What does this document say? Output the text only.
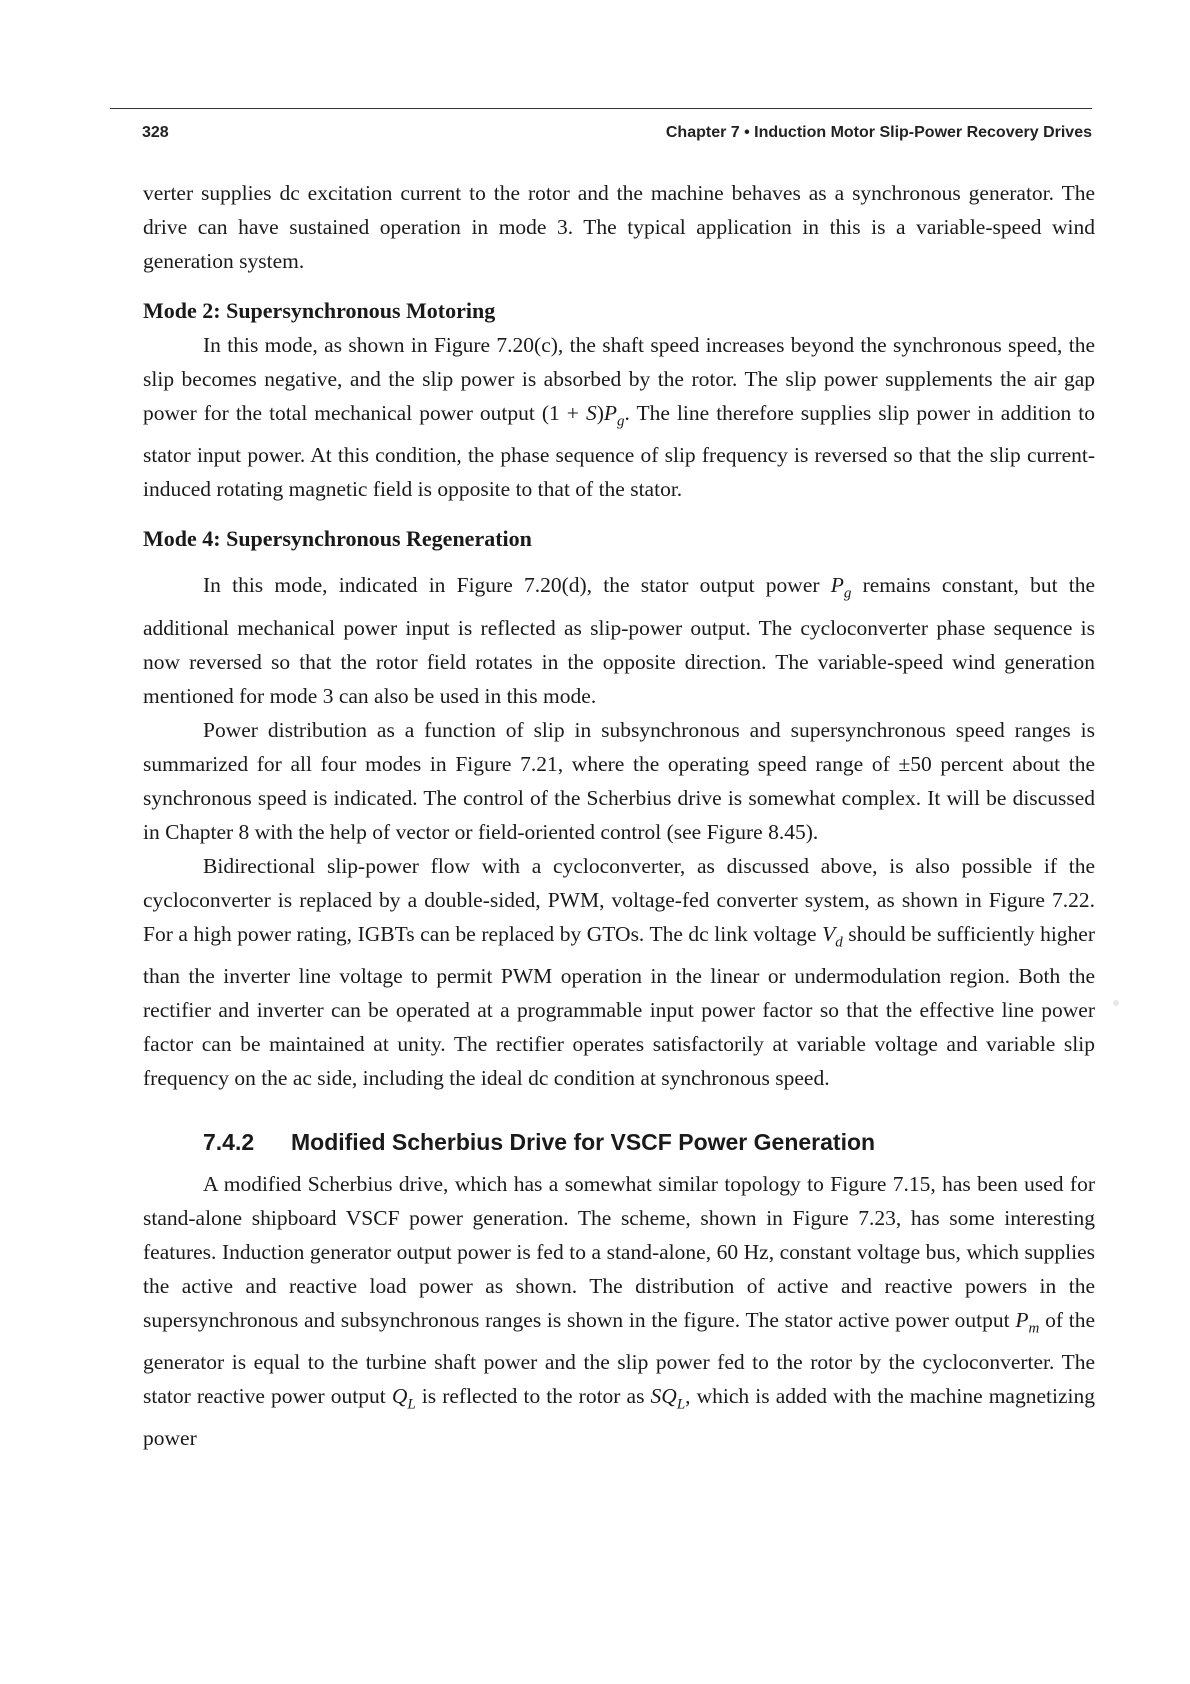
328	Chapter 7 • Induction Motor Slip-Power Recovery Drives

verter supplies dc excitation current to the rotor and the machine behaves as a synchronous generator. The drive can have sustained operation in mode 3. The typical application in this is a variable-speed wind generation system.

Mode 2: Supersynchronous Motoring

In this mode, as shown in Figure 7.20(c), the shaft speed increases beyond the synchronous speed, the slip becomes negative, and the slip power is absorbed by the rotor. The slip power supplements the air gap power for the total mechanical power output $(1 + S)P_g$. The line therefore supplies slip power in addition to stator input power. At this condition, the phase sequence of slip frequency is reversed so that the slip current-induced rotating magnetic field is opposite to that of the stator.

Mode 4: Supersynchronous Regeneration

In this mode, indicated in Figure 7.20(d), the stator output power $P_g$ remains constant, but the additional mechanical power input is reflected as slip-power output. The cycloconverter phase sequence is now reversed so that the rotor field rotates in the opposite direction. The variable-speed wind generation mentioned for mode 3 can also be used in this mode.

Power distribution as a function of slip in subsynchronous and supersynchronous speed ranges is summarized for all four modes in Figure 7.21, where the operating speed range of ±50 percent about the synchronous speed is indicated. The control of the Scherbius drive is somewhat complex. It will be discussed in Chapter 8 with the help of vector or field-oriented control (see Figure 8.45).

Bidirectional slip-power flow with a cycloconverter, as discussed above, is also possible if the cycloconverter is replaced by a double-sided, PWM, voltage-fed converter system, as shown in Figure 7.22. For a high power rating, IGBTs can be replaced by GTOs. The dc link voltage $V_d$ should be sufficiently higher than the inverter line voltage to permit PWM operation in the linear or undermodulation region. Both the rectifier and inverter can be operated at a programmable input power factor so that the effective line power factor can be maintained at unity. The rectifier operates satisfactorily at variable voltage and variable slip frequency on the ac side, including the ideal dc condition at synchronous speed.

7.4.2 Modified Scherbius Drive for VSCF Power Generation

A modified Scherbius drive, which has a somewhat similar topology to Figure 7.15, has been used for stand-alone shipboard VSCF power generation. The scheme, shown in Figure 7.23, has some interesting features. Induction generator output power is fed to a stand-alone, 60 Hz, constant voltage bus, which supplies the active and reactive load power as shown. The distribution of active and reactive powers in the supersynchronous and subsynchronous ranges is shown in the figure. The stator active power output $P_m$ of the generator is equal to the turbine shaft power and the slip power fed to the rotor by the cycloconverter. The stator reactive power output $Q_L$ is reflected to the rotor as $SQ_L$, which is added with the machine magnetizing power
